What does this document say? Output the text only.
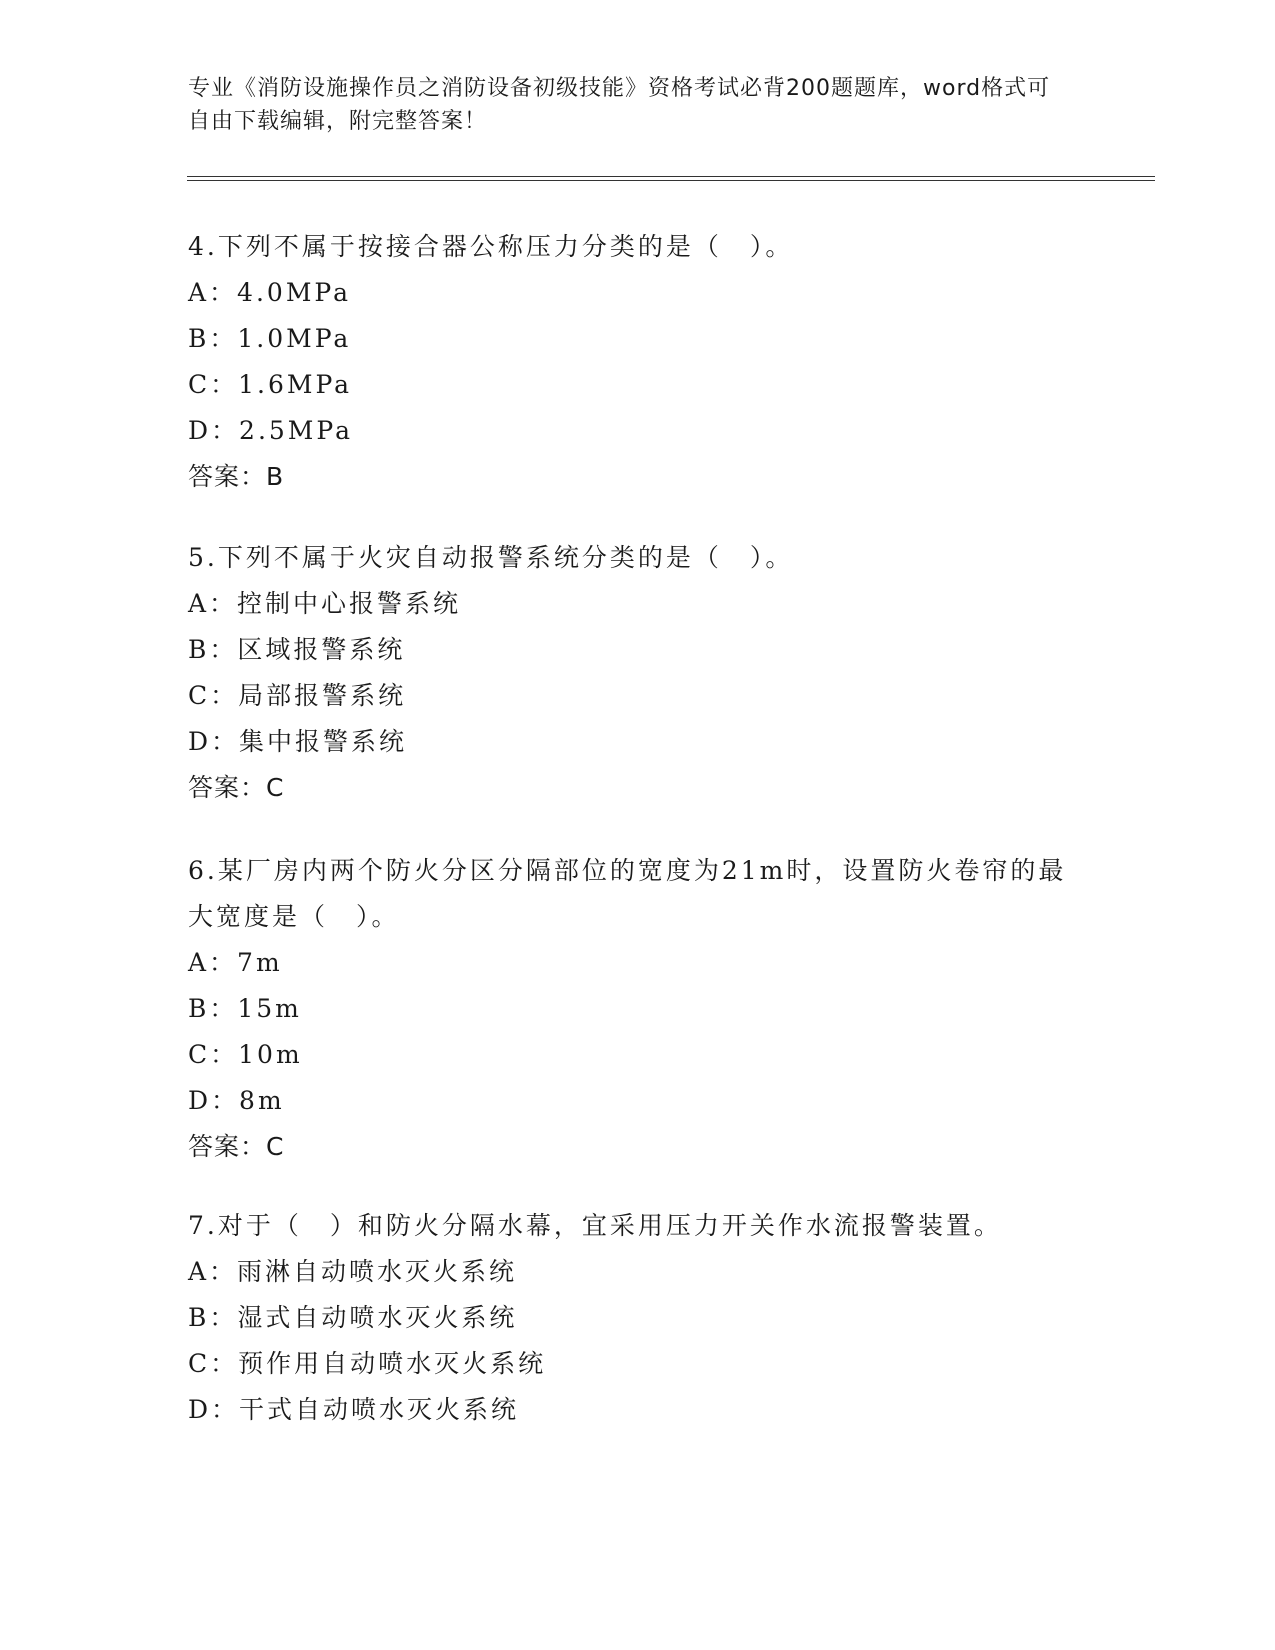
专业《消防设施操作员之消防设备初级技能》资格考试必背200题题库，word格式可自由下载编辑，附完整答案！
4.下列不属于按接合器公称压力分类的是（　）。
A：4.0MPa
B：1.0MPa
C：1.6MPa
D：2.5MPa
答案：B
5.下列不属于火灾自动报警系统分类的是（　）。
A：控制中心报警系统
B：区域报警系统
C：局部报警系统
D：集中报警系统
答案：C
6.某厂房内两个防火分区分隔部位的宽度为21m时，设置防火卷帘的最大宽度是（　）。
A：7m
B：15m
C：10m
D：8m
答案：C
7.对于（　）和防火分隔水幕，宜采用压力开关作水流报警装置。
A：雨淋自动喷水灭火系统
B：湿式自动喷水灭火系统
C：预作用自动喷水灭火系统
D：干式自动喷水灭火系统
